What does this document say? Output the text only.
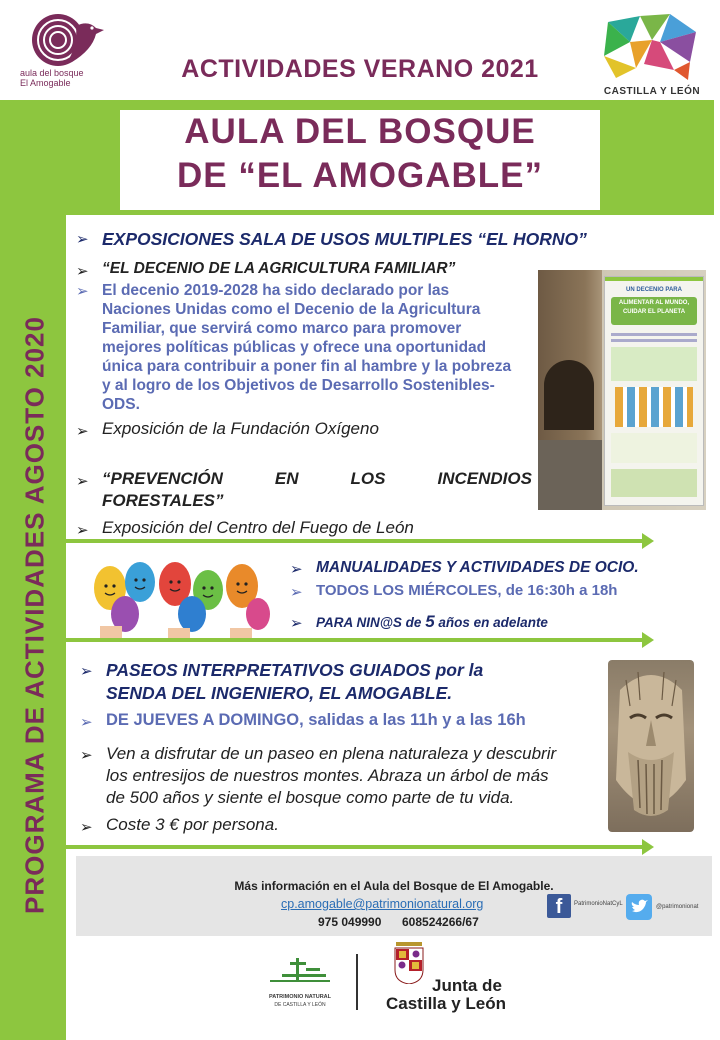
aula del bosque
El Amogable	ACTIVIDADES VERANO 2021
CASTILLA Y LEÓN
AULA DEL BOSQUE
DE “EL AMOGABLE”
PROGRAMA DE ACTIVIDADES AGOSTO 2020
➢ EXPOSICIONES SALA DE USOS MULTIPLES “EL HORNO”
➢ “EL DECENIO DE LA AGRICULTURA FAMILIAR”
➢ El decenio 2019-2028 ha sido declarado por las
Naciones Unidas como el Decenio de la Agricultura
Familiar, que servirá como marco para promover
mejores políticas públicas y ofrece una oportunidad
única para contribuir a poner fin al hambre y la pobreza
y al logro de los Objetivos de Desarrollo Sostenibles-
ODS.
➢ Exposición de la Fundación Oxígeno
➢ “PREVENCIÓN	EN	LOS	INCENDIOS
FORESTALES”
➢ Exposición del Centro del Fuego de León
UN DECENIO PARA
ALIMENTAR AL MUNDO, CUIDAR EL PLANETA
➢ MANUALIDADES Y ACTIVIDADES DE OCIO.
➢ TODOS LOS MIÉRCOLES, de 16:30h a 18h
➢ PARA NIN@S de 5 años en adelante
➢ PASEOS INTERPRETATIVOS GUIADOS por la
SENDA DEL INGENIERO, EL AMOGABLE.
➢ DE JUEVES A DOMINGO, salidas a las 11h y a las 16h
➢ Ven a disfrutar de un paseo en plena naturaleza y descubrir
los entresijos de nuestros montes. Abraza un árbol de más
de 500 años y siente el bosque como parte de tu vida.
➢ Coste 3 € por persona.
Más información en el Aula del Bosque de El Amogable.
cp.amogable@patrimonionatural.org
975 049990 608524266/67
f	PatrimonioNatCyL	@patrimonionat
PATRIMONIO NATURAL
DE CASTILLA Y LEÓN
Junta de
Castilla y León
